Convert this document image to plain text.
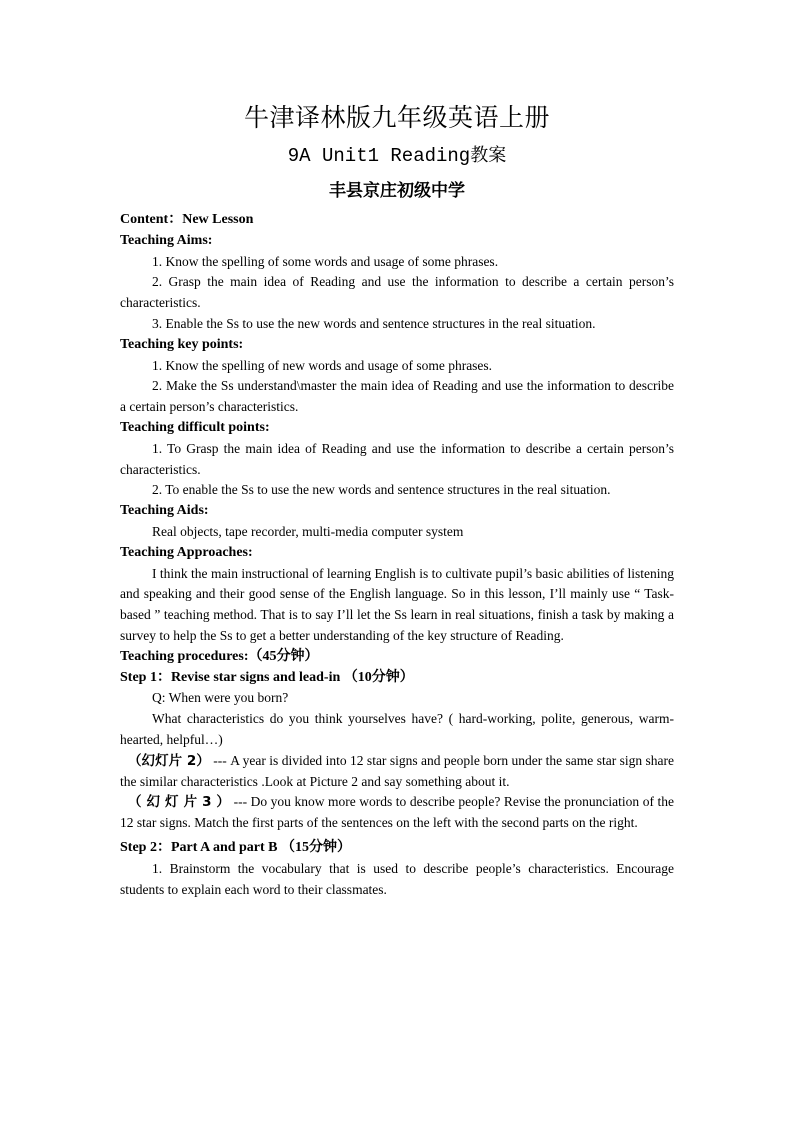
牛津译林版九年级英语上册
9A Unit1 Reading教案
丰县京庄初级中学

Content：New Lesson

Teaching Aims:

1. Know the spelling of some words and usage of some phrases.

2. Grasp the main idea of Reading and use the information to describe a certain person’s characteristics.

3. Enable the Ss to use the new words and sentence structures in the real situation.

Teaching key points:

1. Know the spelling of new words and usage of some phrases.

2. Make the Ss understand\master the main idea of Reading and use the information to describe a certain person’s characteristics.

Teaching difficult points:

1. To Grasp the main idea of Reading and use the information to describe a certain person’s characteristics.

2. To enable the Ss to use the new words and sentence structures in the real situation.

Teaching Aids:

Real objects, tape recorder, multi-media computer system

Teaching Approaches:

I think the main instructional of learning English is to cultivate pupil’s basic abilities of listening and speaking and their good sense of the English language. So in this lesson, I’ll mainly use “ Task- based ” teaching method. That is to say I’ll let the Ss learn in real situations, finish a task by making a survey to help the Ss to get a better understanding of the key structure of Reading.

Teaching procedures:（45分钟）

Step 1：Revise star signs and lead-in （10分钟）

Q: When were you born?

What characteristics do you think yourselves have? ( hard-working, polite, generous, warm-hearted, helpful…)

（幻灯片 2） --- A year is divided into 12 star signs and people born under the same star sign share the similar characteristics .Look at Picture 2 and say something about it.

（ 幻 灯 片 3 ） --- Do you know more words to describe people? Revise the pronunciation of the 12 star signs. Match the first parts of the sentences on the left with the second parts on the right.

Step 2：Part A and part B （15分钟）

1. Brainstorm the vocabulary that is used to describe people’s characteristics. Encourage students to explain each word to their classmates.
